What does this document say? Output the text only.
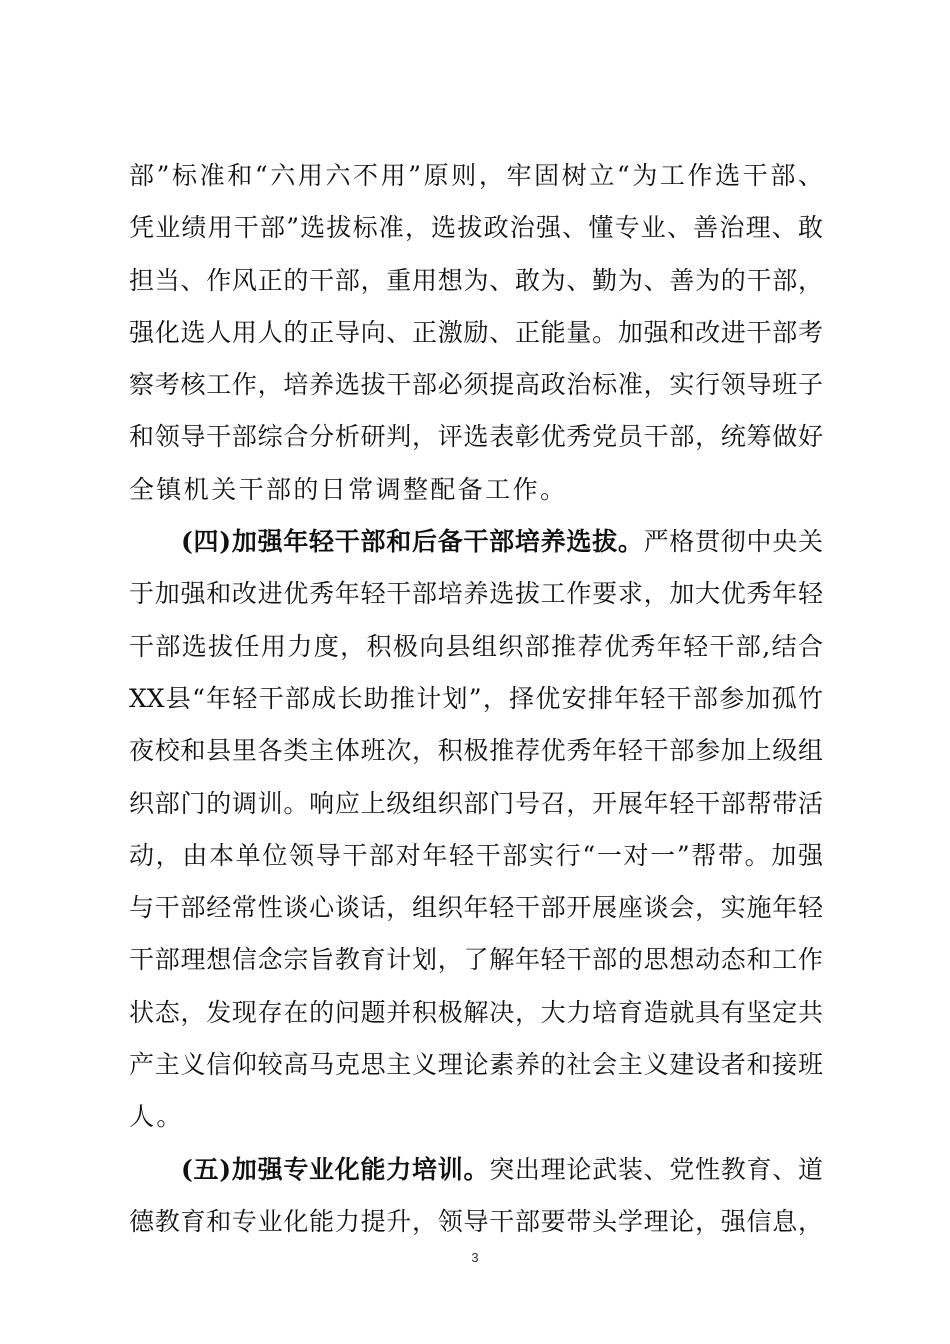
部”标准和“六用六不用”原则，牢固树立“为工作选干部、
凭业绩用干部”选拔标准，选拔政治强、懂专业、善治理、敢
担当、作风正的干部，重用想为、敢为、勤为、善为的干部，
强化选人用人的正导向、正激励、正能量。加强和改进干部考
察考核工作，培养选拔干部必须提高政治标准，实行领导班子
和领导干部综合分析研判，评选表彰优秀党员干部，统筹做好
全镇机关干部的日常调整配备工作。
(四)加强年轻干部和后备干部培养选拔。严格贯彻中央关
于加强和改进优秀年轻干部培养选拔工作要求，加大优秀年轻
干部选拔任用力度，积极向县组织部推荐优秀年轻干部,结合
XX县“年轻干部成长助推计划”，择优安排年轻干部参加孤竹
夜校和县里各类主体班次，积极推荐优秀年轻干部参加上级组
织部门的调训。响应上级组织部门号召，开展年轻干部帮带活
动，由本单位领导干部对年轻干部实行“一对一”帮带。加强
与干部经常性谈心谈话，组织年轻干部开展座谈会，实施年轻
干部理想信念宗旨教育计划，了解年轻干部的思想动态和工作
状态，发现存在的问题并积极解决，大力培育造就具有坚定共
产主义信仰较高马克思主义理论素养的社会主义建设者和接班
人。
(五)加强专业化能力培训。突出理论武装、党性教育、道
德教育和专业化能力提升，领导干部要带头学理论，强信息，
3
